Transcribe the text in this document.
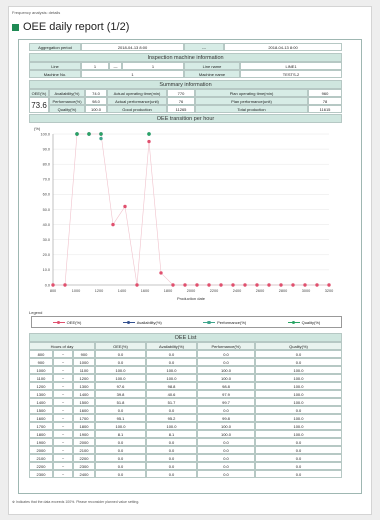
Frequency analysis: details
OEE daily report (1/2)
Aggregation period	2018-04-13 8:00	---	2018-04-13 8:00
Inspection machine information
Line	1	—	1	Line name	LINE1
Machine No.	1	Machine name	TESTS-2
Summary information
OEE(%)
73.6
Availability(%)	74.0	Actual operating time(min)	770	Plan operating time(min)	960
Performance(%)	98.0	Actual performance(unit)	76	Plan performance(unit)	78
Quality(%)	100.0	Good production	11265	Total production	11615
OEE transition per hour
(%)
100.0
90.0
80.0
70.0
60.0
50.0
40.0
30.0
20.0
10.0
0.0
800	1000	1200	1400	1600	1800	2000	2200	2400	2600	2800	3000	3200
Production date
Legend
OEE(%)	Availability(%)	Performance(%)	Quality(%)
OEE List
Hours of day	OEE(%)	Availability(%)	Performance(%)	Quality(%)
800	~	900	0.0	0.0	0.0	0.0
900	~	1000	0.0	0.0	0.0	0.0
1000	~	1100	100.0	100.0	100.0	100.0
1100	~	1200	100.0	100.0	100.0	100.0
1200	~	1300	97.6	98.8	98.8	100.0
1300	~	1400	39.8	40.6	97.9	100.0
1400	~	1500	51.8	51.7	99.7	100.0
1500	~	1600	0.0	0.0	0.0	0.0
1600	~	1700	95.1	95.2	99.8	100.0
1700	~	1800	100.0	100.0	100.0	100.0
1800	~	1900	8.1	8.1	100.0	100.0
1900	~	2000	0.0	0.0	0.0	0.0
2000	~	2100	0.0	0.0	0.0	0.0
2100	~	2200	0.0	0.0	0.0	0.0
2200	~	2300	0.0	0.0	0.0	0.0
2300	~	2400	0.0	0.0	0.0	0.0
※ Indicates that the data exceeds 100%. Please reconsider planned value setting.
